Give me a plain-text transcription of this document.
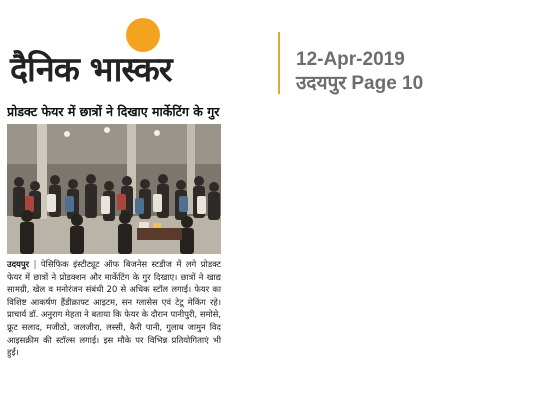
दैनिक भास्कर	12-Apr-2019
उदयपुर Page 10
प्रोडक्ट फेयर में छात्रों ने दिखाए मार्केटिंग के गुर
उदयपुर | पेसिफिक इंस्टीट्यूट ऑफ बिजनेस स्टडीज में लगे प्रोडक्ट फेयर में छात्रों ने प्रोडक्शन और मार्केटिंग के गुर दिखाए। छात्रों ने खाद्य सामग्री, खेल व मनोरंजन संबंधी 20 से अधिक स्टॉल लगाई। फेयर का विशिष्ट आकर्षण हैंडीक्राफ्ट आइटम, सन ग्लासेस एवं टेटू मेकिंग रहे। प्राचार्य डॉ. अनुराग मेहता ने बताया कि फेयर के दौरान पानीपुरी, समोसे, फ्रूट सलाद, मजीठो, जलजीरा, लस्सी, कैरी पानी, गुलाब जामुन विद आइसक्रीम की स्टॉल्स लगाई। इस मौके पर विभिन्न प्रतियोगिताएं भी हुईं।
